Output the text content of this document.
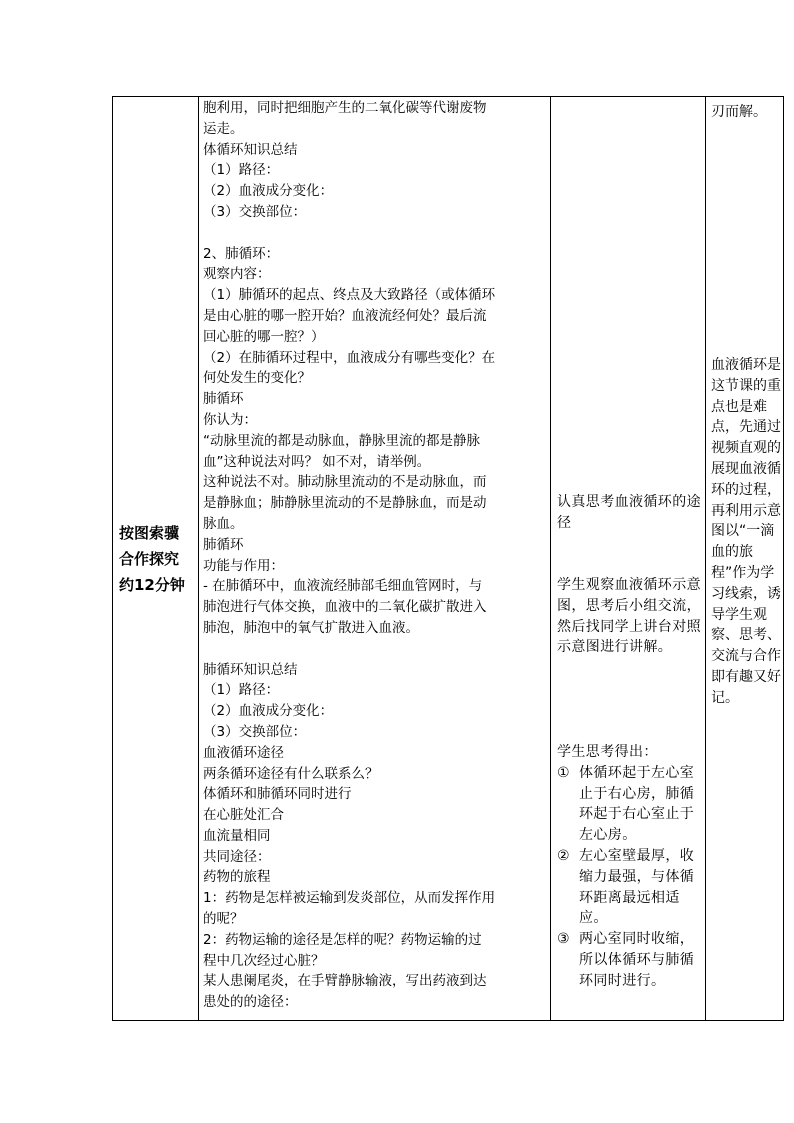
按图索骥合作探究约12分钟
胞利用，同时把细胞产生的二氧化碳等代谢废物
运走。
体循环知识总结
（1）路径：
（2）血液成分变化：
（3）交换部位：
2、肺循环：
观察内容：
（1）肺循环的起点、终点及大致路径（或体循环
是由心脏的哪一腔开始？血液流经何处？最后流
回心脏的哪一腔？）
（2）在肺循环过程中，血液成分有哪些变化？在
何处发生的变化？
肺循环
你认为：
“动脉里流的都是动脉血，静脉里流的都是静脉
血”这种说法对吗？ 如不对，请举例。
这种说法不对。肺动脉里流动的不是动脉血，而
是静脉血；肺静脉里流动的不是静脉血，而是动
脉血。
肺循环
功能与作用：
- 在肺循环中，血液流经肺部毛细血管网时，与
肺泡进行气体交换，血液中的二氧化碳扩散进入
肺泡，肺泡中的氧气扩散进入血液。
肺循环知识总结
（1）路径：
（2）血液成分变化：
（3）交换部位：
血液循环途径
两条循环途径有什么联系么？
体循环和肺循环同时进行
在心脏处汇合
血流量相同
共同途径：
药物的旅程
1：药物是怎样被运输到发炎部位，从而发挥作用
的呢？
2：药物运输的途径是怎样的呢？药物运输的过
程中几次经过心脏？
某人患阑尾炎，在手臂静脉输液，写出药液到达
患处的的途径：
认真思考血液循环的途径
学生观察血液循环示意图，思考后小组交流，然后找同学上讲台对照示意图进行讲解。
学生思考得出：
① 体循环起于左心室止于右心房，肺循环起于右心室止于左心房。
② 左心室壁最厚，收缩力最强，与体循环距离最远相适应。
③ 两心室同时收缩，所以体循环与肺循环同时进行。
刃而解。
血液循环是这节课的重点也是难点，先通过视频直观的展现血液循环的过程，再利用示意图以“一滴血的旅程”作为学习线索，诱导学生观察、思考、交流与合作即有趣又好记。
